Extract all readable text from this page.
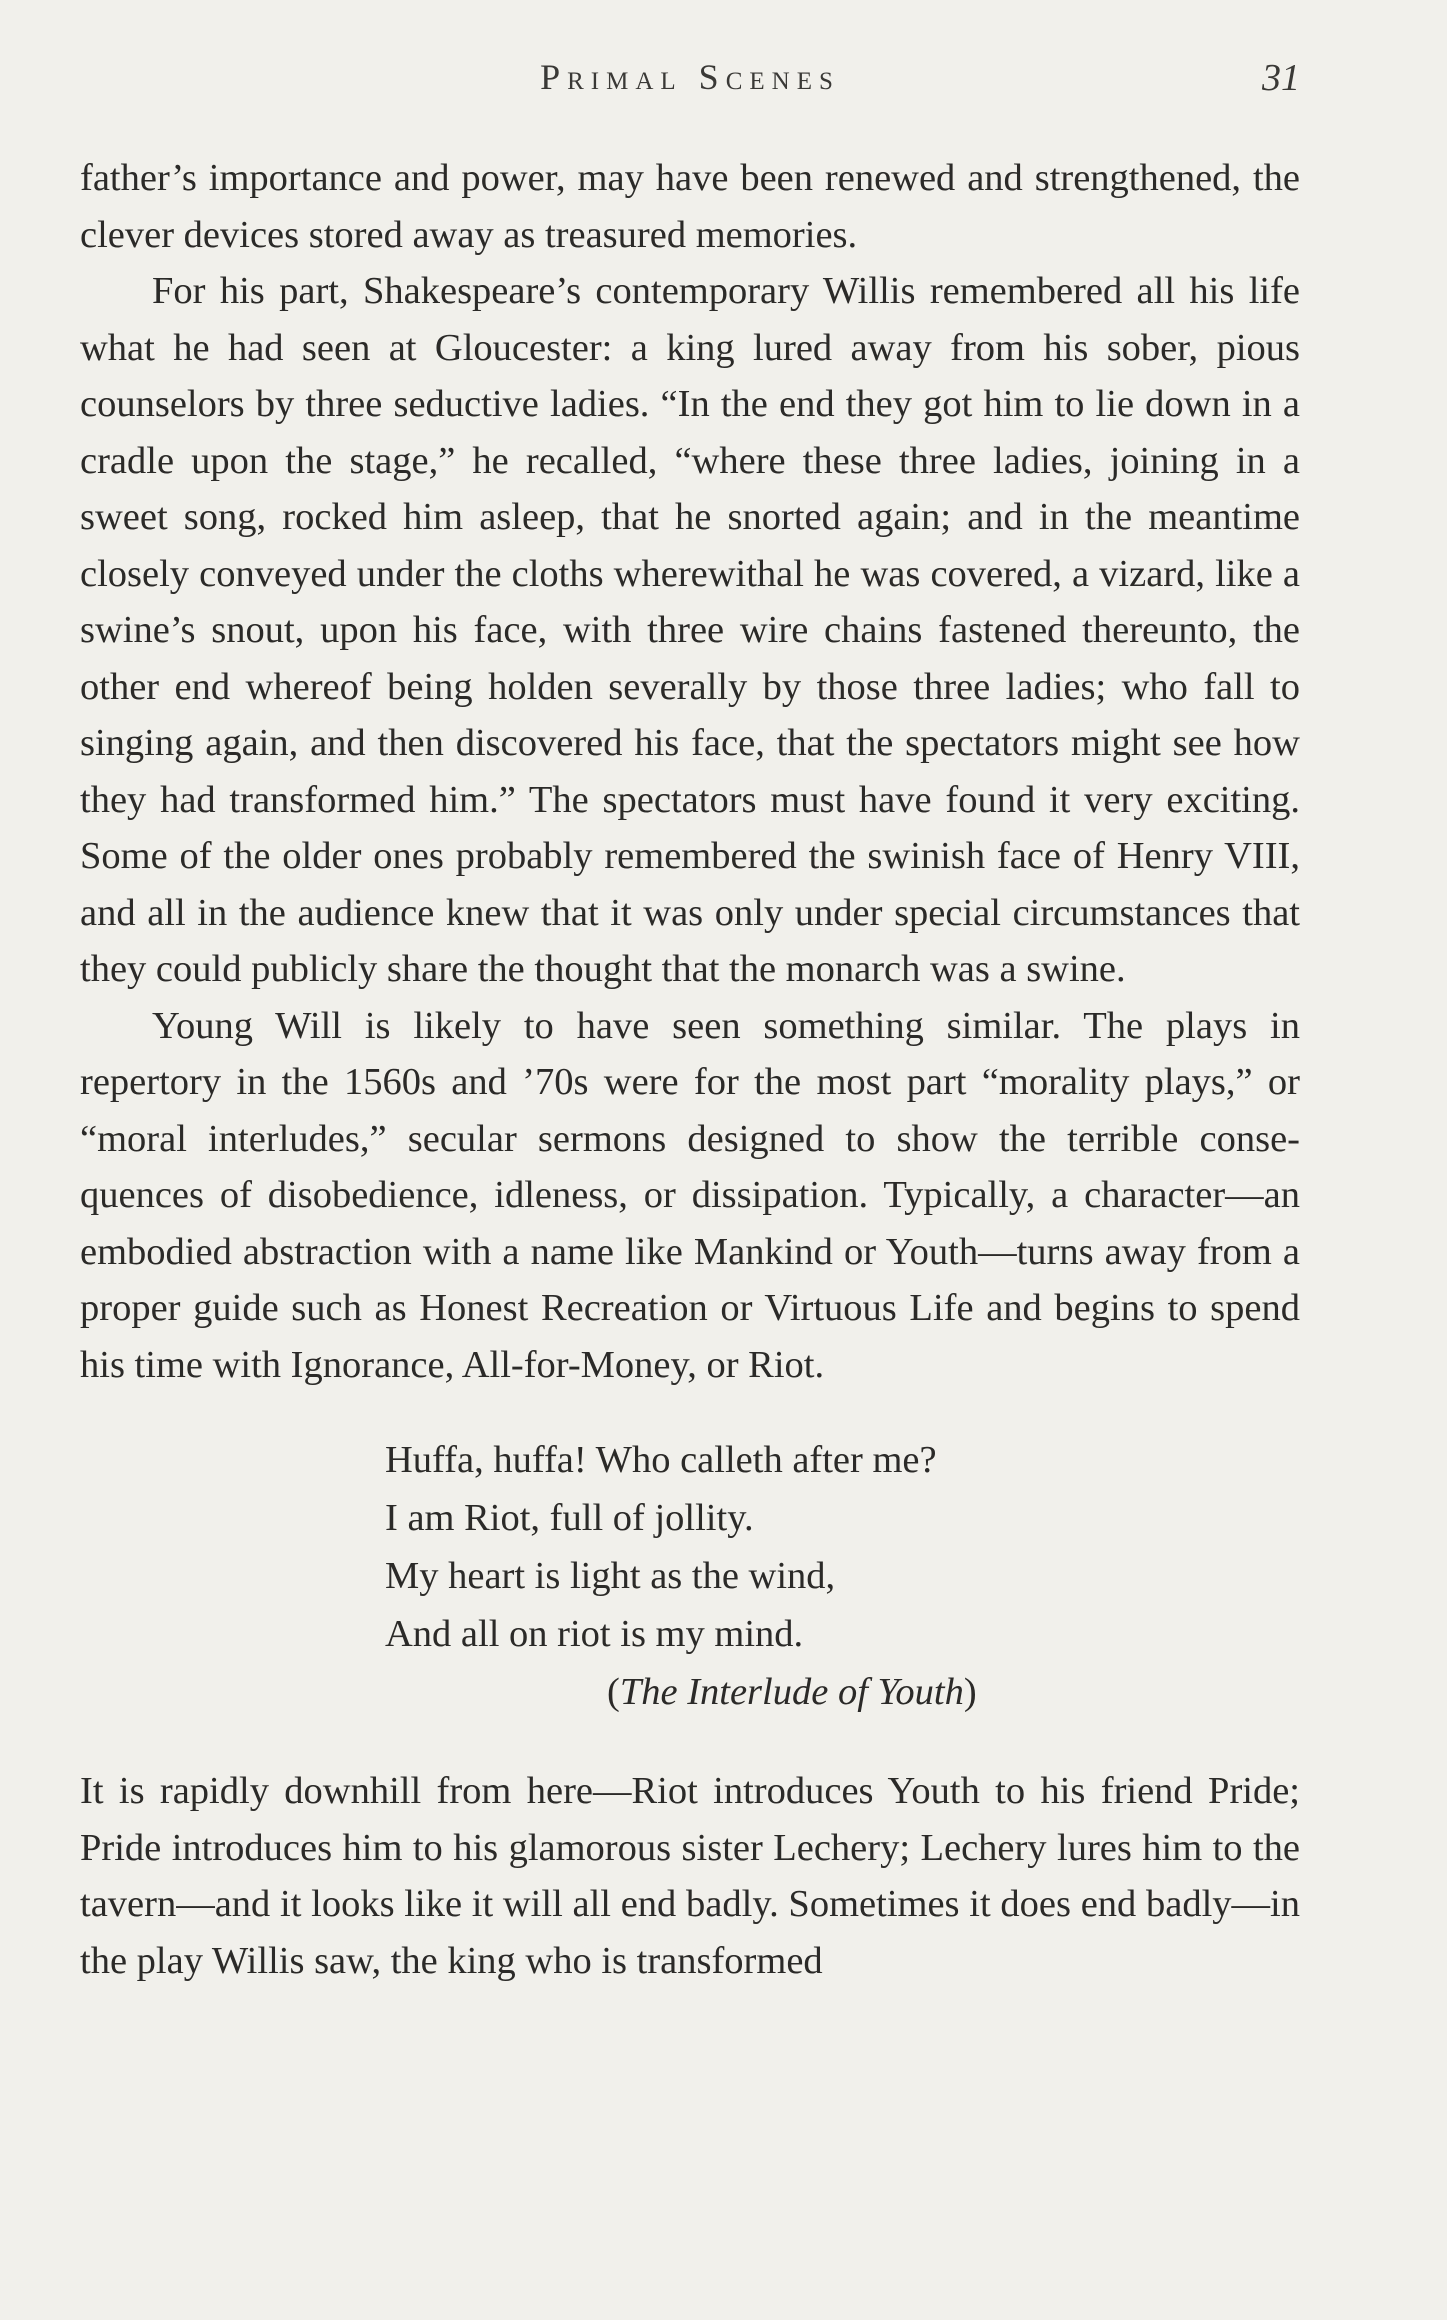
Primal Scenes	31

father’s importance and power, may have been renewed and strengthened, the clever devices stored away as treasured memories.

For his part, Shakespeare’s contemporary Willis remembered all his life what he had seen at Gloucester: a king lured away from his sober, pious counselors by three seductive ladies. “In the end they got him to lie down in a cradle upon the stage,” he recalled, “where these three ladies, joining in a sweet song, rocked him asleep, that he snorted again; and in the meantime closely conveyed under the cloths wherewithal he was covered, a vizard, like a swine’s snout, upon his face, with three wire chains fastened thereunto, the other end whereof being holden severally by those three ladies; who fall to singing again, and then discovered his face, that the spectators might see how they had transformed him.” The spectators must have found it very exciting. Some of the older ones probably remembered the swinish face of Henry VIII, and all in the audience knew that it was only under special circumstances that they could publicly share the thought that the monarch was a swine.

Young Will is likely to have seen something similar. The plays in repertory in the 1560s and ’70s were for the most part “morality plays,” or “moral interludes,” secular sermons designed to show the terrible consequences of disobedience, idleness, or dissipation. Typically, a character—an embodied abstraction with a name like Mankind or Youth—turns away from a proper guide such as Honest Recreation or Virtuous Life and begins to spend his time with Ignorance, All-for-Money, or Riot.

Huffa, huffa! Who calleth after me?
I am Riot, full of jollity.
My heart is light as the wind,
And all on riot is my mind.
(The Interlude of Youth)

It is rapidly downhill from here—Riot introduces Youth to his friend Pride; Pride introduces him to his glamorous sister Lechery; Lechery lures him to the tavern—and it looks like it will all end badly. Sometimes it does end badly—in the play Willis saw, the king who is transformed
